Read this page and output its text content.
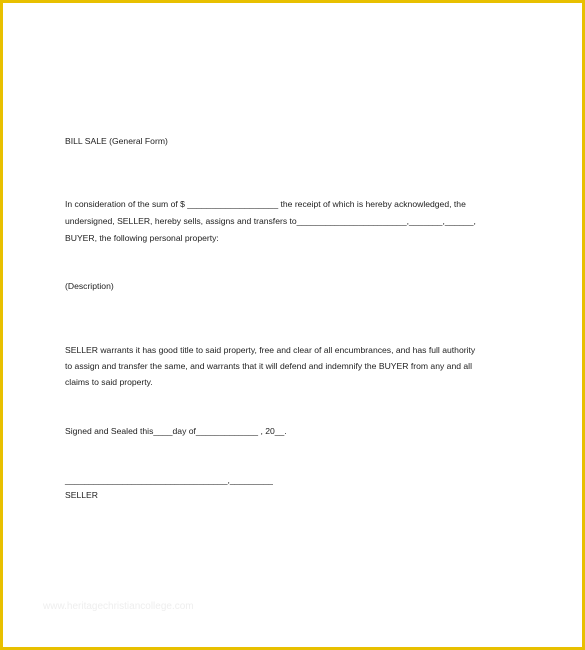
BILL SALE (General Form)
In consideration of the sum of $ ___________________ the receipt of which is hereby acknowledged, the
undersigned, SELLER, hereby sells, assigns and transfers to_______________________,_______,______,
BUYER, the following personal property:
(Description)
SELLER warrants it has good title to said property, free and clear of all encumbrances, and has full authority
to assign and transfer the same, and warrants that it will defend and indemnify the BUYER from any and all
claims to said property.
Signed and Sealed this____day of_____________ , 20__.
__________________________________,_________
SELLER
www.heritagechristiancollege.com
